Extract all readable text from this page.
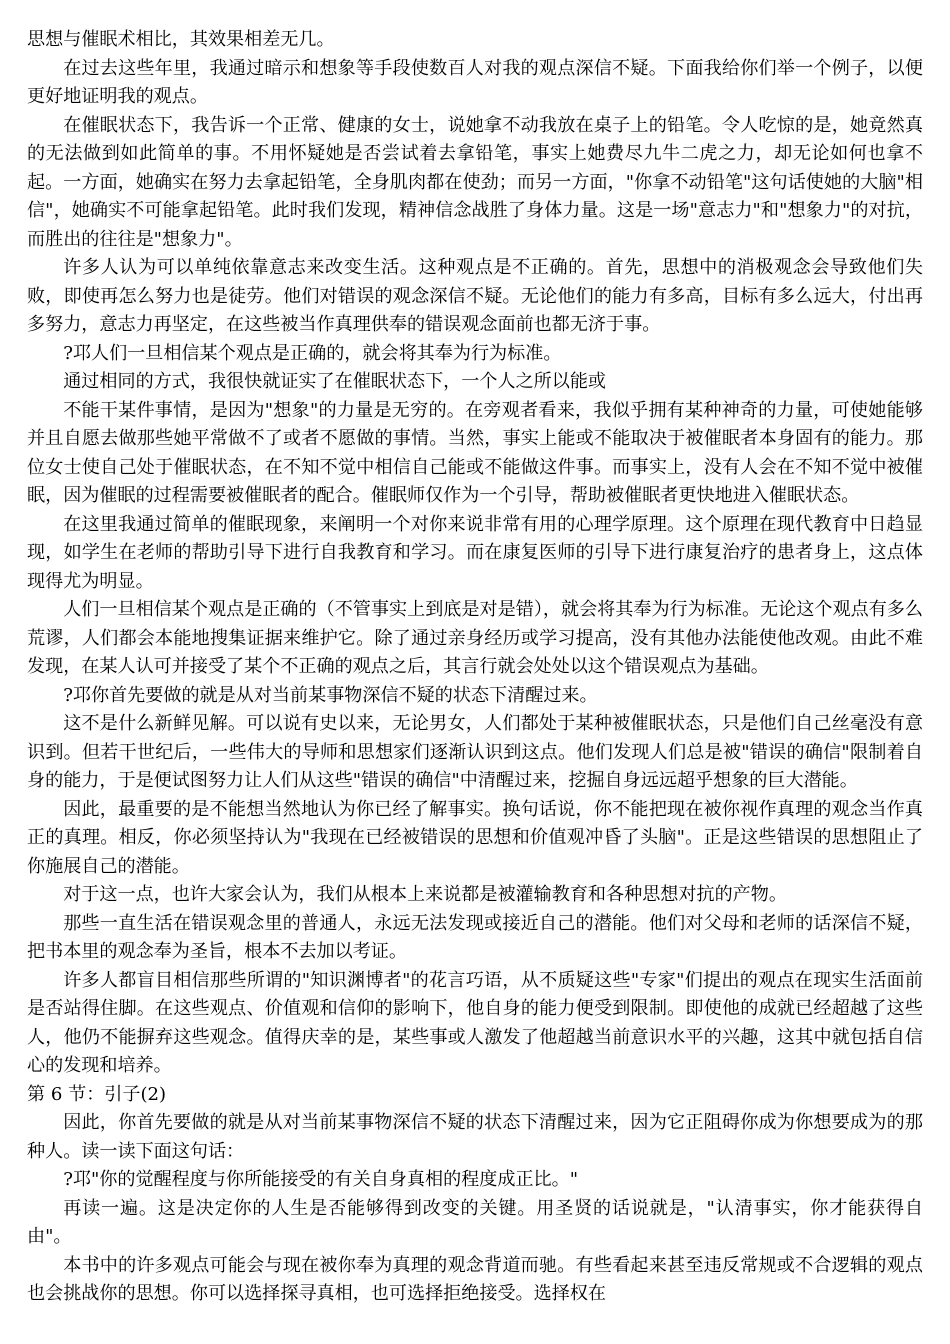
思想与催眠术相比，其效果相差无几。

在过去这些年里，我通过暗示和想象等手段使数百人对我的观点深信不疑。下面我给你们举一个例子，以便更好地证明我的观点。

在催眠状态下，我告诉一个正常、健康的女士，说她拿不动我放在桌子上的铅笔。令人吃惊的是，她竟然真的无法做到如此简单的事。不用怀疑她是否尝试着去拿铅笔，事实上她费尽九牛二虎之力，却无论如何也拿不起。一方面，她确实在努力去拿起铅笔，全身肌肉都在使劲；而另一方面，"你拿不动铅笔"这句话使她的大脑"相信"，她确实不可能拿起铅笔。此时我们发现，精神信念战胜了身体力量。这是一场"意志力"和"想象力"的对抗，而胜出的往往是"想象力"。

许多人认为可以单纯依靠意志来改变生活。这种观点是不正确的。首先，思想中的消极观念会导致他们失败，即使再怎么努力也是徒劳。他们对错误的观念深信不疑。无论他们的能力有多高，目标有多么远大，付出再多努力，意志力再坚定，在这些被当作真理供奉的错误观念面前也都无济于事。

?邛人们一旦相信某个观点是正确的，就会将其奉为行为标准。

通过相同的方式，我很快就证实了在催眠状态下，一个人之所以能或

不能干某件事情，是因为"想象"的力量是无穷的。在旁观者看来，我似乎拥有某种神奇的力量，可使她能够并且自愿去做那些她平常做不了或者不愿做的事情。当然，事实上能或不能取决于被催眠者本身固有的能力。那位女士使自己处于催眠状态，在不知不觉中相信自己能或不能做这件事。而事实上，没有人会在不知不觉中被催眠，因为催眠的过程需要被催眠者的配合。催眠师仅作为一个引导，帮助被催眠者更快地进入催眠状态。

在这里我通过简单的催眠现象，来阐明一个对你来说非常有用的心理学原理。这个原理在现代教育中日趋显现，如学生在老师的帮助引导下进行自我教育和学习。而在康复医师的引导下进行康复治疗的患者身上，这点体现得尤为明显。

人们一旦相信某个观点是正确的（不管事实上到底是对是错），就会将其奉为行为标准。无论这个观点有多么荒谬，人们都会本能地搜集证据来维护它。除了通过亲身经历或学习提高，没有其他办法能使他改观。由此不难发现，在某人认可并接受了某个不正确的观点之后，其言行就会处处以这个错误观点为基础。

?邛你首先要做的就是从对当前某事物深信不疑的状态下清醒过来。

这不是什么新鲜见解。可以说有史以来，无论男女，人们都处于某种被催眠状态，只是他们自己丝毫没有意识到。但若干世纪后，一些伟大的导师和思想家们逐渐认识到这点。他们发现人们总是被"错误的确信"限制着自身的能力，于是便试图努力让人们从这些"错误的确信"中清醒过来，挖掘自身远远超乎想象的巨大潜能。

因此，最重要的是不能想当然地认为你已经了解事实。换句话说，你不能把现在被你视作真理的观念当作真正的真理。相反，你必须坚持认为"我现在已经被错误的思想和价值观冲昏了头脑"。正是这些错误的思想阻止了你施展自己的潜能。

对于这一点，也许大家会认为，我们从根本上来说都是被灌输教育和各种思想对抗的产物。

那些一直生活在错误观念里的普通人，永远无法发现或接近自己的潜能。他们对父母和老师的话深信不疑，把书本里的观念奉为圣旨，根本不去加以考证。

许多人都盲目相信那些所谓的"知识渊博者"的花言巧语，从不质疑这些"专家"们提出的观点在现实生活面前是否站得住脚。在这些观点、价值观和信仰的影响下，他自身的能力便受到限制。即使他的成就已经超越了这些人，他仍不能摒弃这些观念。值得庆幸的是，某些事或人激发了他超越当前意识水平的兴趣，这其中就包括自信心的发现和培养。

第 6 节：引子(2)

因此，你首先要做的就是从对当前某事物深信不疑的状态下清醒过来，因为它正阻碍你成为你想要成为的那种人。读一读下面这句话：

?邛"你的觉醒程度与你所能接受的有关自身真相的程度成正比。"

再读一遍。这是决定你的人生是否能够得到改变的关键。用圣贤的话说就是，"认清事实，你才能获得自由"。

本书中的许多观点可能会与现在被你奉为真理的观念背道而驰。有些看起来甚至违反常规或不合逻辑的观点也会挑战你的思想。你可以选择探寻真相，也可选择拒绝接受。选择权在
